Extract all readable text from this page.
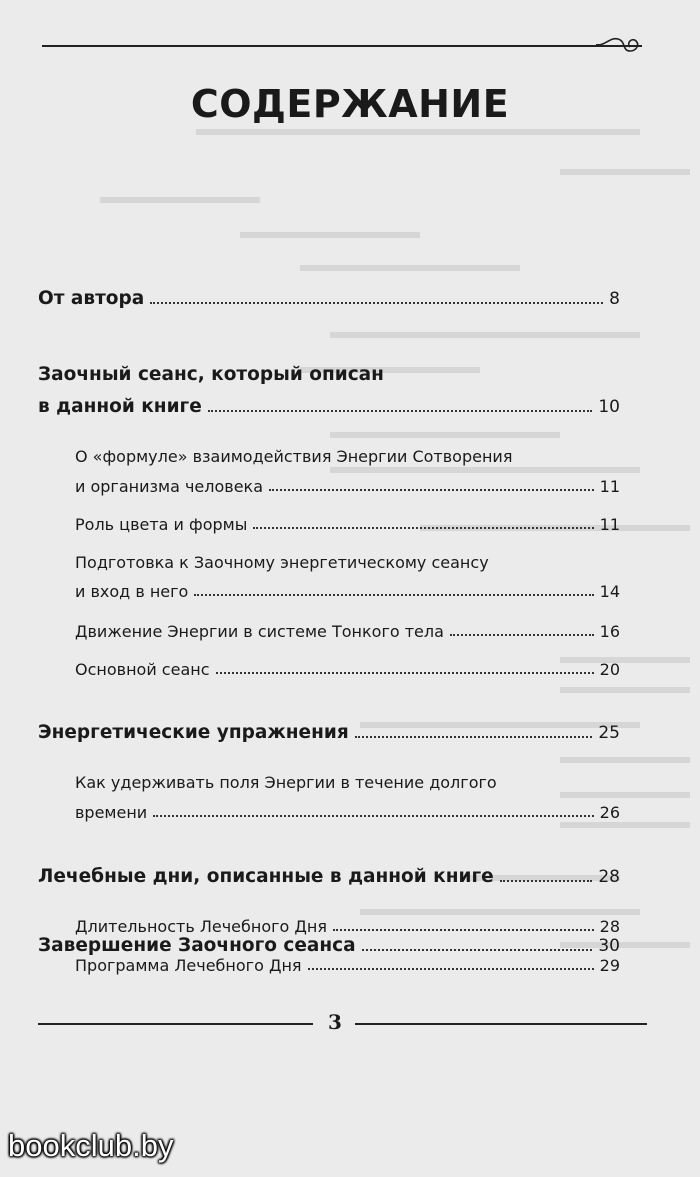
СОДЕРЖАНИЕ
От автора	8
Заочный сеанс, который описан
в данной книге	10
О «формуле» взаимодействия Энергии Сотворения
и организма человека	11
Роль цвета и формы	11
Подготовка к Заочному энергетическому сеансу
и вход в него	14
Движение Энергии в системе Тонкого тела	16
Основной сеанс	20
Энергетические упражнения	25
Как удерживать поля Энергии в течение долгого
времени	26
Лечебные дни, описанные в данной книге	28
Длительность Лечебного Дня	28
Программа Лечебного Дня	29
Завершение Заочного сеанса	30
3
bookclub.by
